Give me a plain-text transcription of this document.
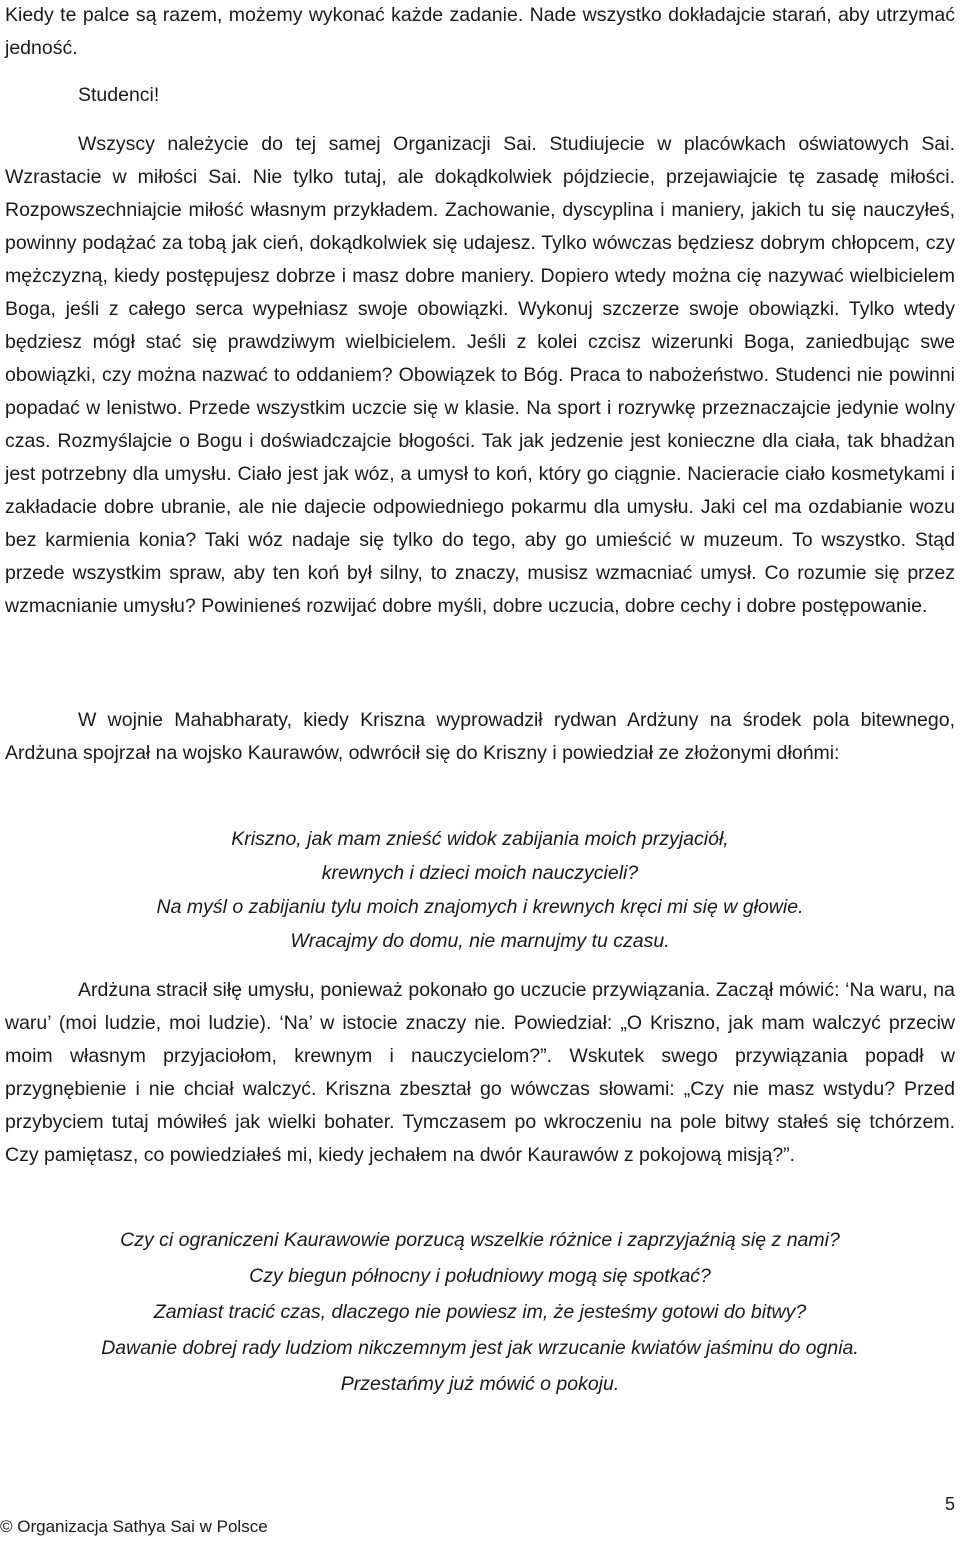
Kiedy te palce są razem, możemy wykonać każde zadanie. Nade wszystko dokładajcie starań, aby utrzymać jedność.

Studenci!

Wszyscy należycie do tej samej Organizacji Sai. Studiujecie w placówkach oświatowych Sai. Wzrastacie w miłości Sai. Nie tylko tutaj, ale dokądkolwiek pójdziecie, przejawiajcie tę zasadę miłości. Rozpowszechniajcie miłość własnym przykładem. Zachowanie, dyscyplina i maniery, jakich tu się nauczyłeś, powinny podążać za tobą jak cień, dokądkolwiek się udajesz. Tylko wówczas będziesz dobrym chłopcem, czy mężczyzną, kiedy postępujesz dobrze i masz dobre maniery. Dopiero wtedy można cię nazywać wielbicielem Boga, jeśli z całego serca wypełniasz swoje obowiązki. Wykonuj szczerze swoje obowiązki. Tylko wtedy będziesz mógł stać się prawdziwym wielbicielem. Jeśli z kolei czcisz wizerunki Boga, zaniedbując swe obowiązki, czy można nazwać to oddaniem? Obowiązek to Bóg. Praca to nabożeństwo. Studenci nie powinni popadać w lenistwo. Przede wszystkim uczcie się w klasie. Na sport i rozrywkę przeznaczajcie jedynie wolny czas. Rozmyślajcie o Bogu i doświadczajcie błogości. Tak jak jedzenie jest konieczne dla ciała, tak bhadżan jest potrzebny dla umysłu. Ciało jest jak wóz, a umysł to koń, który go ciągnie. Nacieracie ciało kosmetykami i zakładacie dobre ubranie, ale nie dajecie odpowiedniego pokarmu dla umysłu. Jaki cel ma ozdabianie wozu bez karmienia konia? Taki wóz nadaje się tylko do tego, aby go umieścić w muzeum. To wszystko. Stąd przede wszystkim spraw, aby ten koń był silny, to znaczy, musisz wzmacniać umysł. Co rozumie się przez wzmacnianie umysłu? Powinieneś rozwijać dobre myśli, dobre uczucia, dobre cechy i dobre postępowanie.

W wojnie Mahabharaty, kiedy Kriszna wyprowadził rydwan Ardżuny na środek pola bitewnego, Ardżuna spojrzał na wojsko Kaurawów, odwrócił się do Kriszny i powiedział ze złożonymi dłońmi:

Kriszno, jak mam znieść widok zabijania moich przyjaciół,
krewnych i dzieci moich nauczycieli?
Na myśl o zabijaniu tylu moich znajomych i krewnych kręci mi się w głowie.
Wracajmy do domu, nie marnujmy tu czasu.

Ardżuna stracił siłę umysłu, ponieważ pokonało go uczucie przywiązania. Zaczął mówić: ‘Na waru, na waru’ (moi ludzie, moi ludzie). ‘Na’ w istocie znaczy nie. Powiedział: „O Kriszno, jak mam walczyć przeciw moim własnym przyjaciołom, krewnym i nauczycielom?”. Wskutek swego przywiązania popadł w przygnębienie i nie chciał walczyć. Kriszna zbeształ go wówczas słowami: „Czy nie masz wstydu? Przed przybyciem tutaj mówiłeś jak wielki bohater. Tymczasem po wkroczeniu na pole bitwy stałeś się tchórzem. Czy pamiętasz, co powiedziałeś mi, kiedy jechałem na dwór Kaurawów z pokojową misją?”.

Czy ci ograniczeni Kaurawowie porzucą wszelkie różnice i zaprzyjaźnią się z nami?
Czy biegun północny i południowy mogą się spotkać?
Zamiast tracić czas, dlaczego nie powiesz im, że jesteśmy gotowi do bitwy?
Dawanie dobrej rady ludziom nikczemnym jest jak wrzucanie kwiatów jaśminu do ognia.
Przestańmy już mówić o pokoju.
© Organizacja Sathya Sai w Polsce
5
